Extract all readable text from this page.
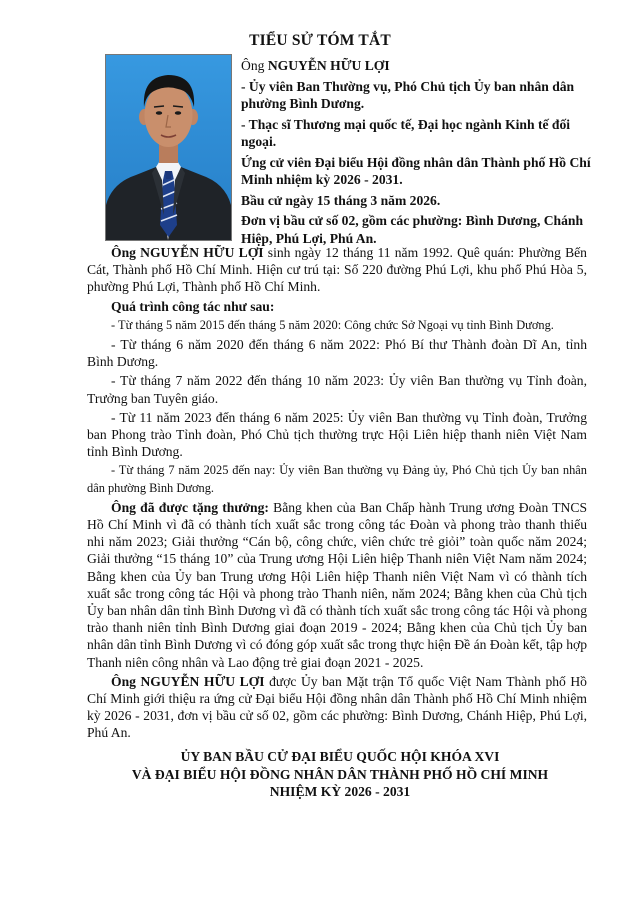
TIỂU SỬ TÓM TẮT

Ông NGUYỄN HỮU LỢI

- Ủy viên Ban Thường vụ, Phó Chủ tịch Ủy ban nhân dân phường Bình Dương.

- Thạc sĩ Thương mại quốc tế, Đại học ngành Kinh tế đối ngoại.

Ứng cử viên Đại biểu Hội đồng nhân dân Thành phố Hồ Chí Minh nhiệm kỳ 2026 - 2031.

Bầu cử ngày 15 tháng 3 năm 2026.

Đơn vị bầu cử số 02, gồm các phường: Bình Dương, Chánh Hiệp, Phú Lợi, Phú An.

Ông NGUYỄN HỮU LỢI sinh ngày 12 tháng 11 năm 1992. Quê quán: Phường Bến Cát, Thành phố Hồ Chí Minh. Hiện cư trú tại: Số 220 đường Phú Lợi, khu phố Phú Hòa 5, phường Phú Lợi, Thành phố Hồ Chí Minh.

Quá trình công tác như sau:

- Từ tháng 5 năm 2015 đến tháng 5 năm 2020: Công chức Sở Ngoại vụ tỉnh Bình Dương.

- Từ tháng 6 năm 2020 đến tháng 6 năm 2022: Phó Bí thư Thành đoàn Dĩ An, tỉnh Bình Dương.

- Từ tháng 7 năm 2022 đến tháng 10 năm 2023: Ủy viên Ban thường vụ Tỉnh đoàn, Trưởng ban Tuyên giáo.

- Từ 11 năm 2023 đến tháng 6 năm 2025: Ủy viên Ban thường vụ Tỉnh đoàn, Trưởng ban Phong trào Tỉnh đoàn, Phó Chủ tịch thường trực Hội Liên hiệp thanh niên Việt Nam tỉnh Bình Dương.

- Từ tháng 7 năm 2025 đến nay: Ủy viên Ban thường vụ Đảng ủy, Phó Chủ tịch Ủy ban nhân dân phường Bình Dương.

Ông đã được tặng thưởng: Bằng khen của Ban Chấp hành Trung ương Đoàn TNCS Hồ Chí Minh vì đã có thành tích xuất sắc trong công tác Đoàn và phong trào thanh thiếu nhi năm 2023; Giải thưởng “Cán bộ, công chức, viên chức trẻ giỏi” toàn quốc năm 2024; Giải thưởng “15 tháng 10” của Trung ương Hội Liên hiệp Thanh niên Việt Nam năm 2024; Bằng khen của Ủy ban Trung ương Hội Liên hiệp Thanh niên Việt Nam vì có thành tích xuất sắc trong công tác Hội và phong trào Thanh niên, năm 2024; Bằng khen của Chủ tịch Ủy ban nhân dân tỉnh Bình Dương vì đã có thành tích xuất sắc trong công tác Hội và phong trào thanh niên tỉnh Bình Dương giai đoạn 2019 - 2024; Bằng khen của Chủ tịch Ủy ban nhân dân tỉnh Bình Dương vì có đóng góp xuất sắc trong thực hiện Đề án Đoàn kết, tập hợp Thanh niên công nhân và Lao động trẻ giai đoạn 2021 - 2025.

Ông NGUYỄN HỮU LỢI được Ủy ban Mặt trận Tổ quốc Việt Nam Thành phố Hồ Chí Minh giới thiệu ra ứng cử Đại biểu Hội đồng nhân dân Thành phố Hồ Chí Minh nhiệm kỳ 2026 - 2031, đơn vị bầu cử số 02, gồm các phường: Bình Dương, Chánh Hiệp, Phú Lợi, Phú An.

ỦY BAN BẦU CỬ ĐẠI BIỂU QUỐC HỘI KHÓA XVI
VÀ ĐẠI BIỂU HỘI ĐỒNG NHÂN DÂN THÀNH PHỐ HỒ CHÍ MINH
NHIỆM KỲ 2026 - 2031
